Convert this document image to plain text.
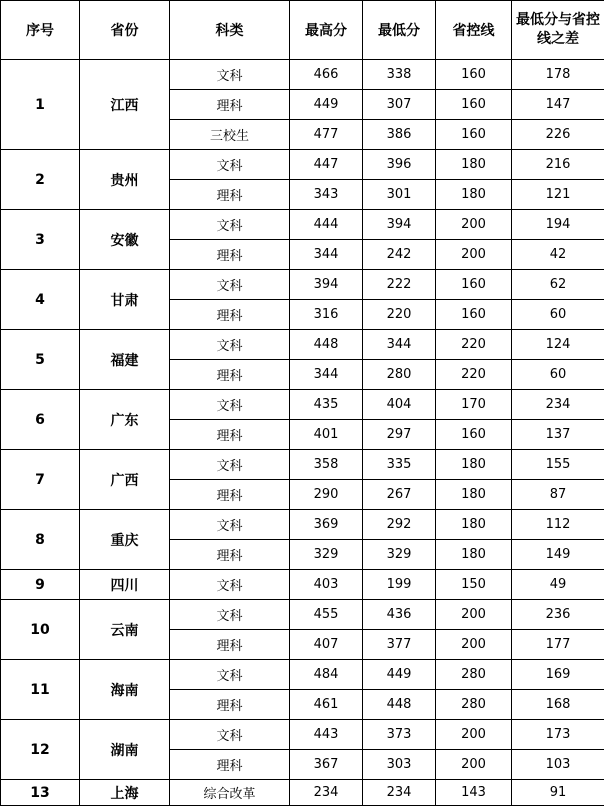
序号	省份	科类	最高分	最低分	省控线	最低分与省控线之差
1	江西	文科	466	338	160	178
		理科	449	307	160	147
		三校生	477	386	160	226
2	贵州	文科	447	396	180	216
		理科	343	301	180	121
3	安徽	文科	444	394	200	194
		理科	344	242	200	42
4	甘肃	文科	394	222	160	62
		理科	316	220	160	60
5	福建	文科	448	344	220	124
		理科	344	280	220	60
6	广东	文科	435	404	170	234
		理科	401	297	160	137
7	广西	文科	358	335	180	155
		理科	290	267	180	87
8	重庆	文科	369	292	180	112
		理科	329	329	180	149
9	四川	文科	403	199	150	49
10	云南	文科	455	436	200	236
		理科	407	377	200	177
11	海南	文科	484	449	280	169
		理科	461	448	280	168
12	湖南	文科	443	373	200	173
		理科	367	303	200	103
13	上海	综合改革	234	234	143	91
